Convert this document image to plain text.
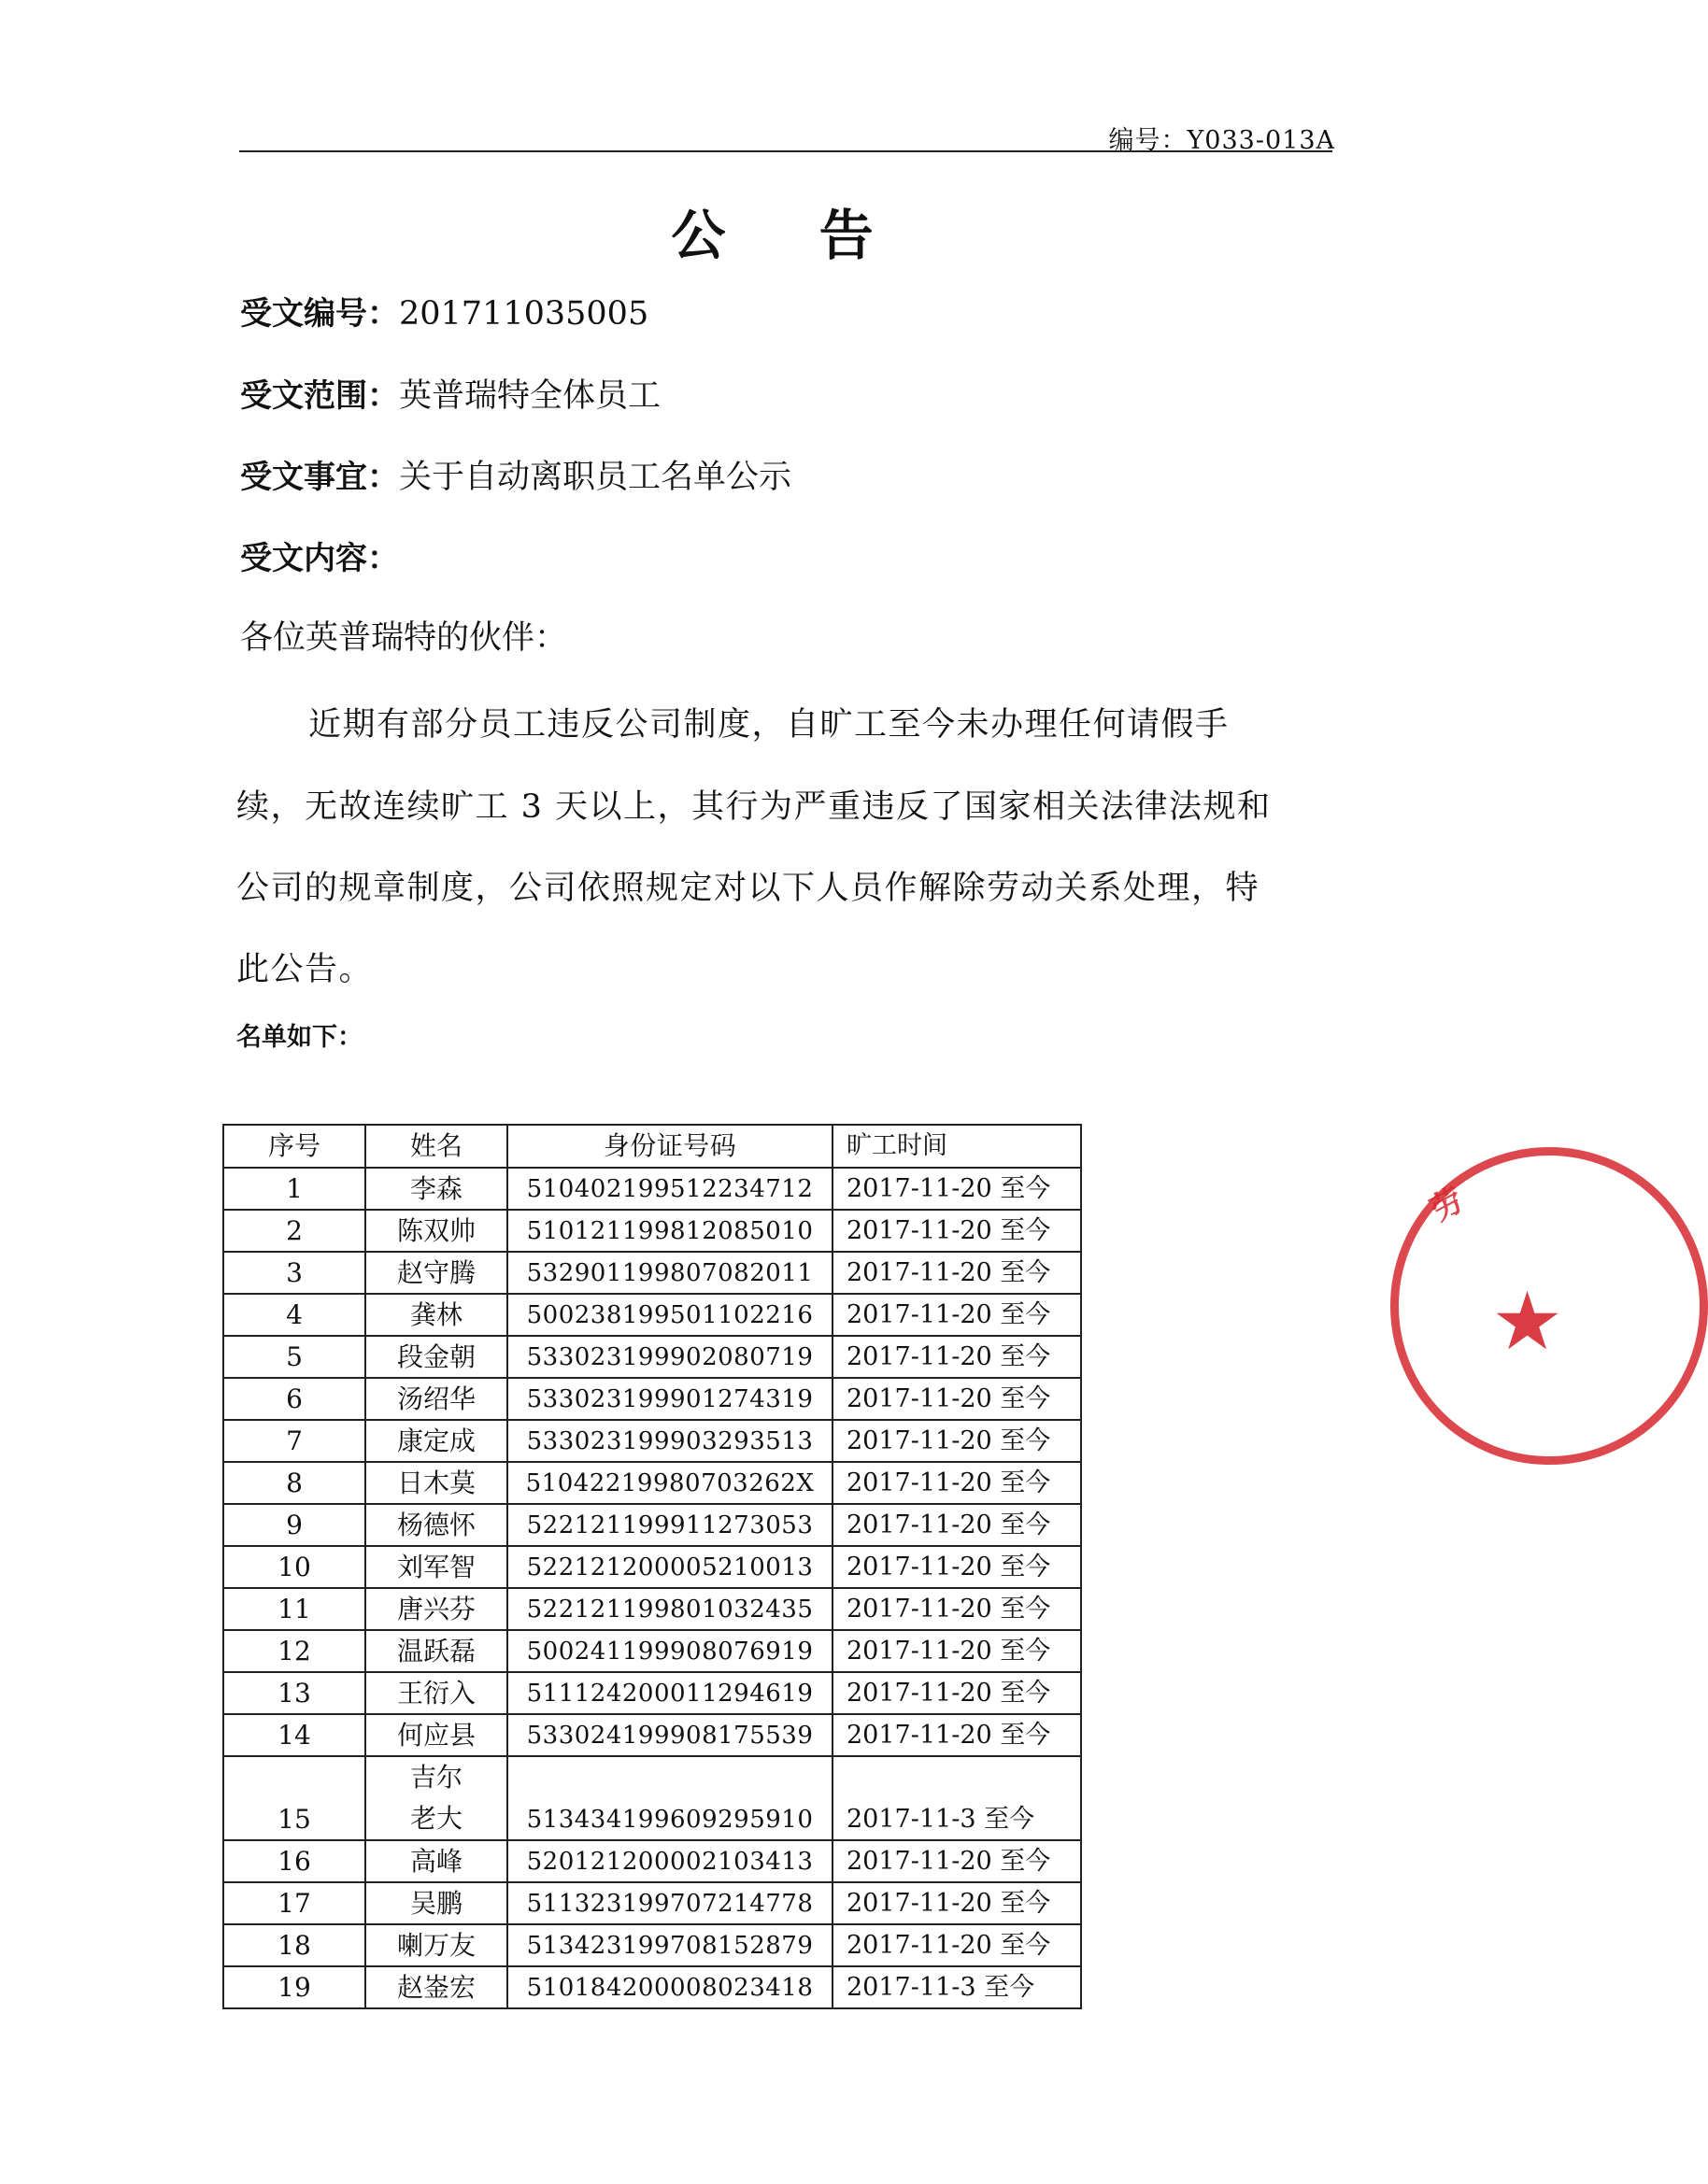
编号：Y033-013A
公 告
受文编号：201711035005
受文范围：英普瑞特全体员工
受文事宜：关于自动离职员工名单公示
受文内容：
各位英普瑞特的伙伴：
近期有部分员工违反公司制度，自旷工至今未办理任何请假手
续，无故连续旷工 3 天以上，其行为严重违反了国家相关法律法规和
公司的规章制度，公司依照规定对以下人员作解除劳动关系处理，特
此公告。
名单如下：
序号	姓名	身份证号码	旷工时间
1	李森	510402199512234712	2017-11-20 至今
2	陈双帅	510121199812085010	2017-11-20 至今
3	赵守腾	532901199807082011	2017-11-20 至今
4	龚林	500238199501102216	2017-11-20 至今
5	段金朝	533023199902080719	2017-11-20 至今
6	汤绍华	533023199901274319	2017-11-20 至今
7	康定成	533023199903293513	2017-11-20 至今
8	日木莫	51042219980703262X	2017-11-20 至今
9	杨德怀	522121199911273053	2017-11-20 至今
10	刘军智	522121200005210013	2017-11-20 至今
11	唐兴芬	522121199801032435	2017-11-20 至今
12	温跃磊	500241199908076919	2017-11-20 至今
13	王衍入	511124200011294619	2017-11-20 至今
14	何应县	533024199908175539	2017-11-20 至今
15	吉尔老大	513434199609295910	2017-11-3 至今
16	高峰	520121200002103413	2017-11-20 至今
17	吴鹏	511323199707214778	2017-11-20 至今
18	喇万友	513423199708152879	2017-11-20 至今
19	赵崟宏	510184200008023418	2017-11-3 至今
★
劳
